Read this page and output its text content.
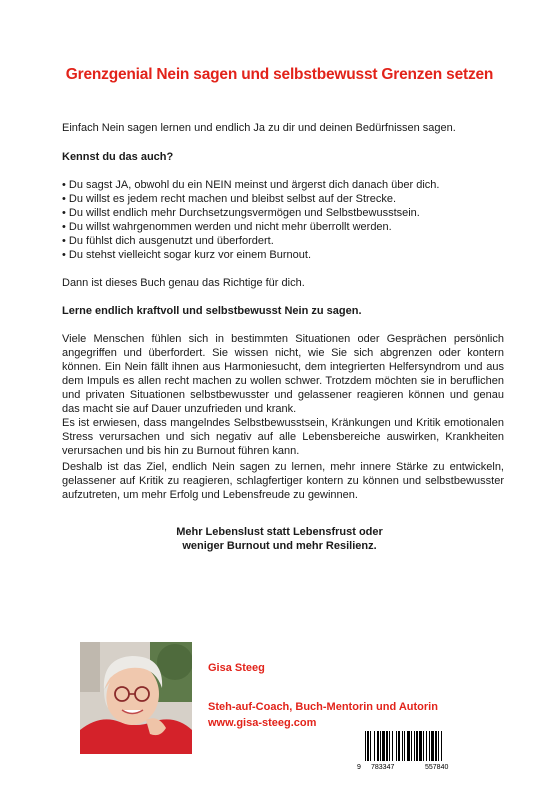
Grenzgenial Nein sagen und selbstbewusst Grenzen setzen
Einfach Nein sagen lernen und endlich Ja zu dir und deinen Bedürfnissen sagen.
Kennst du das auch?
• Du sagst JA, obwohl du ein NEIN meinst und ärgerst dich danach über dich.
• Du willst es jedem recht machen und bleibst selbst auf der Strecke.
• Du willst endlich mehr Durchsetzungsvermögen und Selbstbewusstsein.
• Du willst wahrgenommen werden und nicht mehr überrollt werden.
• Du fühlst dich ausgenutzt und überfordert.
• Du stehst vielleicht sogar kurz vor einem Burnout.
Dann ist dieses Buch genau das Richtige für dich.
Lerne endlich kraftvoll und selbstbewusst Nein zu sagen.

Viele Menschen fühlen sich in bestimmten Situationen oder Gesprächen persönlich angegriffen und überfordert. Sie wissen nicht, wie Sie sich abgrenzen oder kontern können. Ein Nein fällt ihnen aus Harmoniesucht, dem integrierten Helfersyndrom und aus dem Impuls es allen recht machen zu wollen schwer. Trotzdem möchten sie in beruflichen und privaten Situationen selbstbewusster und gelassener reagieren können und genau das macht sie auf Dauer unzufrieden und krank.

Es ist erwiesen, dass mangelndes Selbstbewusstsein, Kränkungen und Kritik emotionalen Stress verursachen und sich negativ auf alle Lebensbereiche auswirken, Krankheiten verursachen und bis hin zu Burnout führen kann.

Deshalb ist das Ziel, endlich Nein sagen zu lernen, mehr innere Stärke zu entwickeln, gelassener auf Kritik zu reagieren, schlagfertiger kontern zu können und selbstbewusster aufzutreten, um mehr Erfolg und Lebensfreude zu gewinnen.
Mehr Lebenslust statt Lebensfrust oder
weniger Burnout und mehr Resilienz.
Gisa Steeg
Steh-auf-Coach, Buch-Mentorin und Autorin
www.gisa-steeg.com
9 783347	557840
